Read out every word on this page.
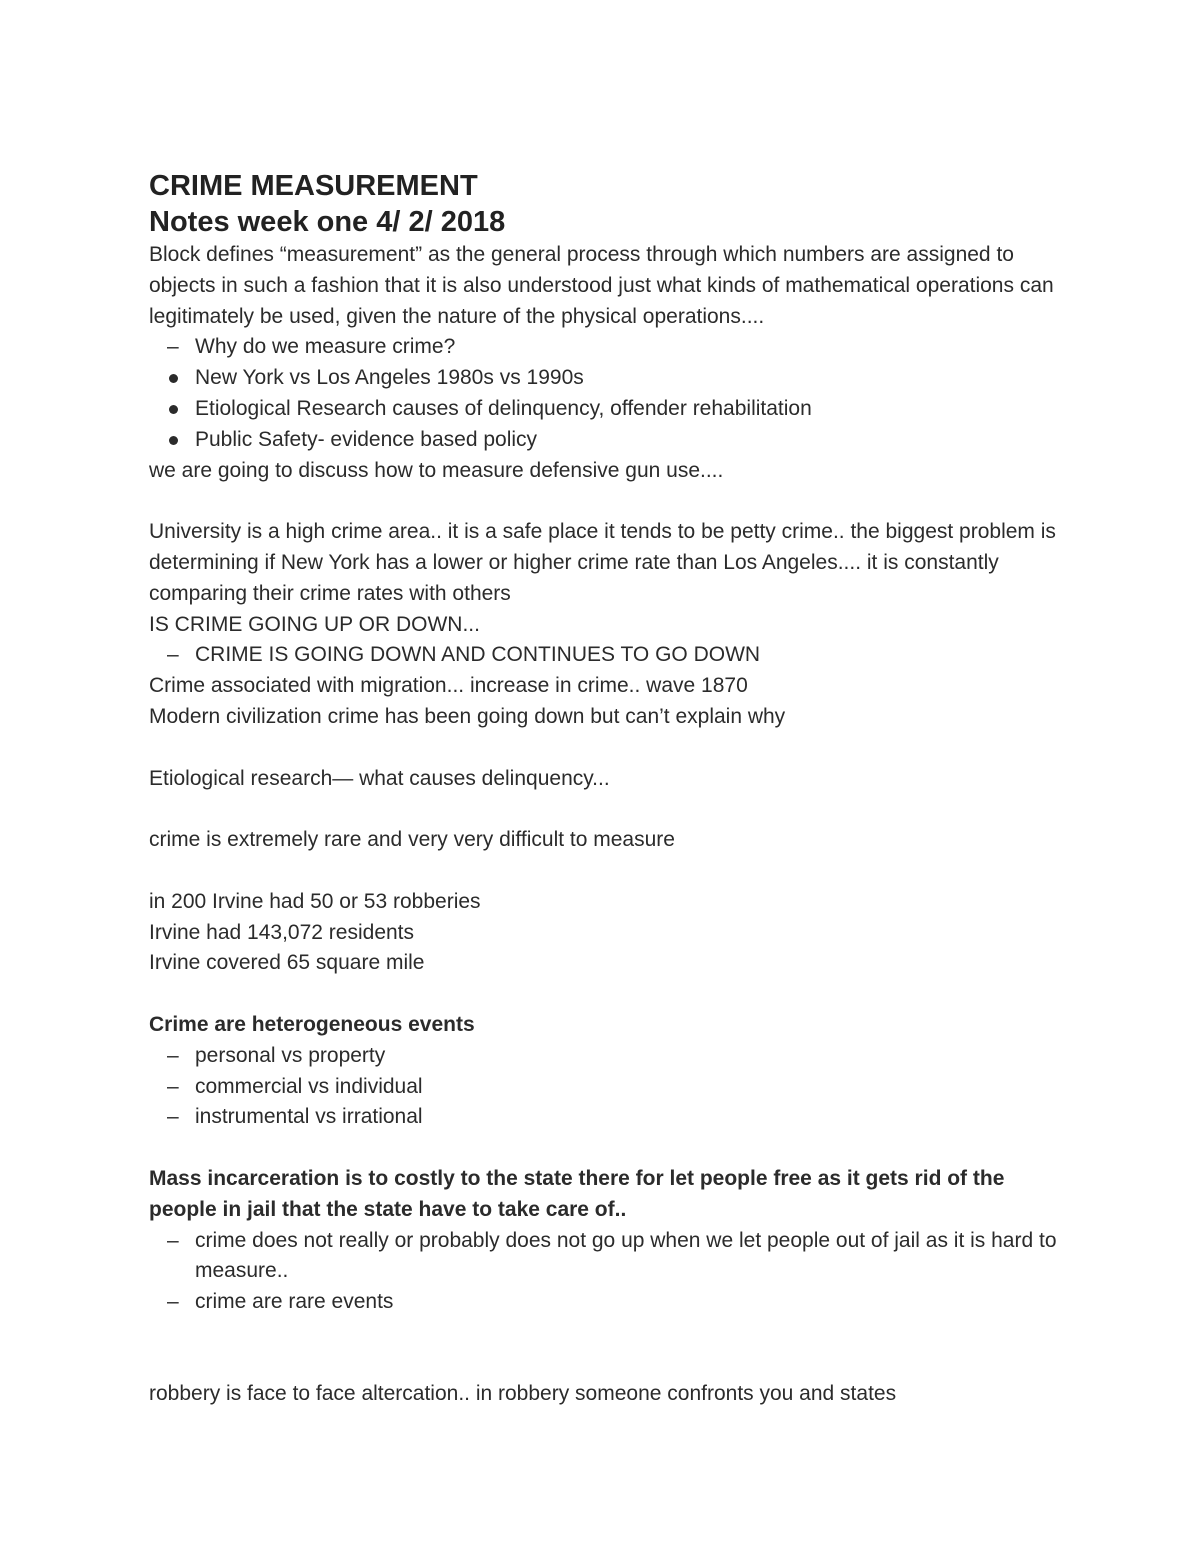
CRIME MEASUREMENT
Notes week one 4/ 2/ 2018

Block defines “measurement” as the general process through which numbers are assigned to objects in such a fashion that it is also understood just what kinds of mathematical operations can legitimately be used, given the nature of the physical operations....

– Why do we measure crime?
New York vs Los Angeles 1980s vs 1990s
Etiological Research causes of delinquency, offender rehabilitation
Public Safety- evidence based policy

we are going to discuss how to measure defensive gun use....

University is a high crime area.. it is a safe place it tends to be petty crime.. the biggest problem is determining if New York has a lower or higher crime rate than Los Angeles.... it is constantly comparing their crime rates with others

IS CRIME GOING UP OR DOWN...

– CRIME IS GOING DOWN AND CONTINUES TO GO DOWN

Crime associated with migration... increase in crime.. wave 1870

Modern civilization crime has been going down but can’t explain why

Etiological research— what causes delinquency...

crime is extremely rare and very very difficult to measure

in 200 Irvine had 50 or 53 robberies

Irvine had 143,072 residents

Irvine covered 65 square mile

Crime are heterogeneous events

– personal vs property
– commercial vs individual
– instrumental vs irrational

Mass incarceration is to costly to the state there for let people free as it gets rid of the people in jail that the state have to take care of..

– crime does not really or probably does not go up when we let people out of jail as it is hard to measure..
– crime are rare events

robbery is face to face altercation.. in robbery someone confronts you and states
